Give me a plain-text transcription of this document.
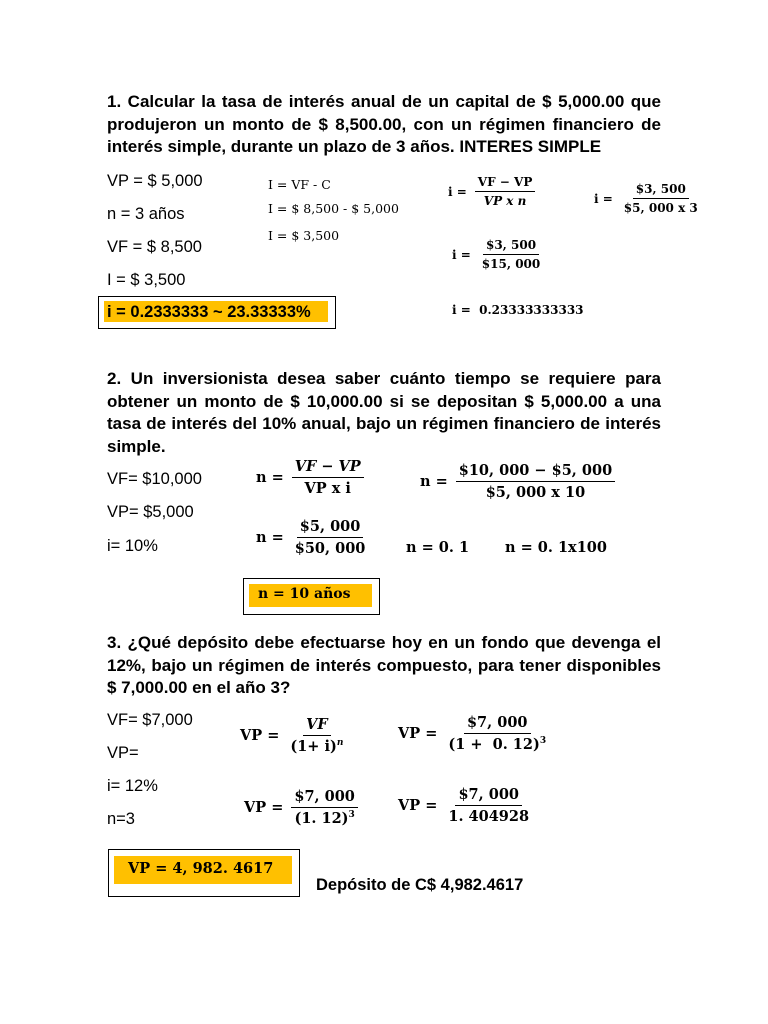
1. Calcular la tasa de interés anual de un capital de $ 5,000.00 que produjeron un monto de $ 8,500.00, con un régimen financiero de interés simple, durante un plazo de 3 años. INTERES SIMPLE
VP = $ 5,000
n = 3 años
VF = $ 8,500
I = $ 3,500
i = 0.2333333 ~ 23.33333%
I = VF - C
I = $ 8,500 - $ 5,000
I = $ 3,500
$i = \frac{VF - VP}{\text{VP x n}}$	$i = \frac{\$3, 500}{\$5, 000 x 3}$
$i = \frac{\$3, 500}{\$15, 000}$
i =  0.23333333333
2. Un inversionista desea saber cuánto tiempo se requiere para obtener un monto de $ 10,000.00 si se depositan $ 5,000.00 a una tasa de interés del 10% anual, bajo un régimen financiero de interés simple.
VF= $10,000
VP= $5,000
i= 10%
$n = \frac{VF - VP}{\text{VP x i}}$	$n = \frac{\$10, 000 - \$5, 000}{\$5, 000 x 10}$
$n = \frac{\$5, 000}{\$50, 000}$	n = 0. 1 n = 0. 1x100
n = 10 años
3. ¿Qué depósito debe efectuarse hoy en un fondo que devenga el 12%, bajo un régimen de interés compuesto, para tener disponibles $ 7,000.00 en el año 3?
VF= $7,000
VP=
i= 12%
n=3
VP = $\frac{VF}{(1+ i)^n}$	VP = $\frac{\$7, 000}{(1 + 0. 12)^3}$
VP = $\frac{\$7, 000}{(1. 12)^3}$	VP = $\frac{\$7, 000}{1. 404928}$
VP = 4, 982. 4617
Depósito de C$ 4,982.4617
